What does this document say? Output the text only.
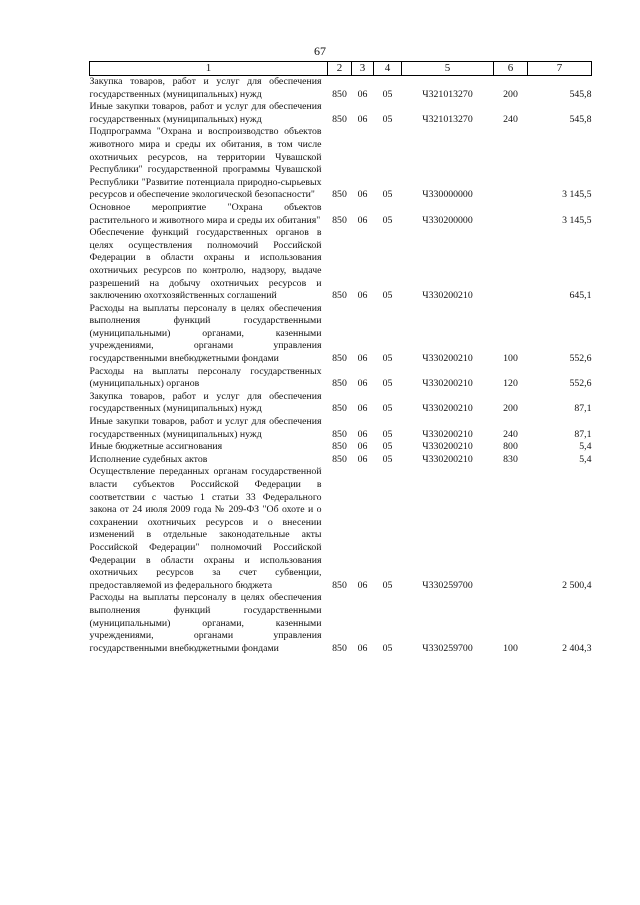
67
1	2	3	4	5	6	7
Закупка товаров, работ и услуг для обеспечения государственных (муниципальных) нужд	850	06	05	Ч321013270	200	545,8
Иные закупки товаров, работ и услуг для обеспечения государственных (муниципальных) нужд	850	06	05	Ч321013270	240	545,8
Подпрограмма "Охрана и воспроизводство объектов животного мира и среды их обитания, в том числе охотничьих ресурсов, на территории Чувашской Республики" государственной программы Чувашской Республики "Развитие потенциала природно-сырьевых ресурсов и обеспечение экологической безопасности"	850	06	05	Ч330000000		3 145,5
Основное мероприятие "Охрана объектов растительного и животного мира и среды их обитания"	850	06	05	Ч330200000		3 145,5
Обеспечение функций государственных органов в целях осуществления полномочий Российской Федерации в области охраны и использования охотничьих ресурсов по контролю, надзору, выдаче разрешений на добычу охотничьих ресурсов и заключению охотхозяйственных соглашений	850	06	05	Ч330200210		645,1
Расходы на выплаты персоналу в целях обеспечения выполнения функций государственными (муниципальными) органами, казенными учреждениями, органами управления государственными внебюджетными фондами	850	06	05	Ч330200210	100	552,6
Расходы на выплаты персоналу государственных (муниципальных) органов	850	06	05	Ч330200210	120	552,6
Закупка товаров, работ и услуг для обеспечения государственных (муниципальных) нужд	850	06	05	Ч330200210	200	87,1
Иные закупки товаров, работ и услуг для обеспечения государственных (муниципальных) нужд	850	06	05	Ч330200210	240	87,1
Иные бюджетные ассигнования	850	06	05	Ч330200210	800	5,4
Исполнение судебных актов	850	06	05	Ч330200210	830	5,4
Осуществление переданных органам государственной власти субъектов Российской Федерации в соответствии с частью 1 статьи 33 Федерального закона от 24 июля 2009 года № 209-ФЗ "Об охоте и о сохранении охотничьих ресурсов и о внесении изменений в отдельные законодательные акты Российской Федерации" полномочий Российской Федерации в области охраны и использования охотничьих ресурсов за счет субвенции, предоставляемой из федерального бюджета	850	06	05	Ч330259700		2 500,4
Расходы на выплаты персоналу в целях обеспечения выполнения функций государственными (муниципальными) органами, казенными учреждениями, органами управления государственными внебюджетными фондами	850	06	05	Ч330259700	100	2 404,3
